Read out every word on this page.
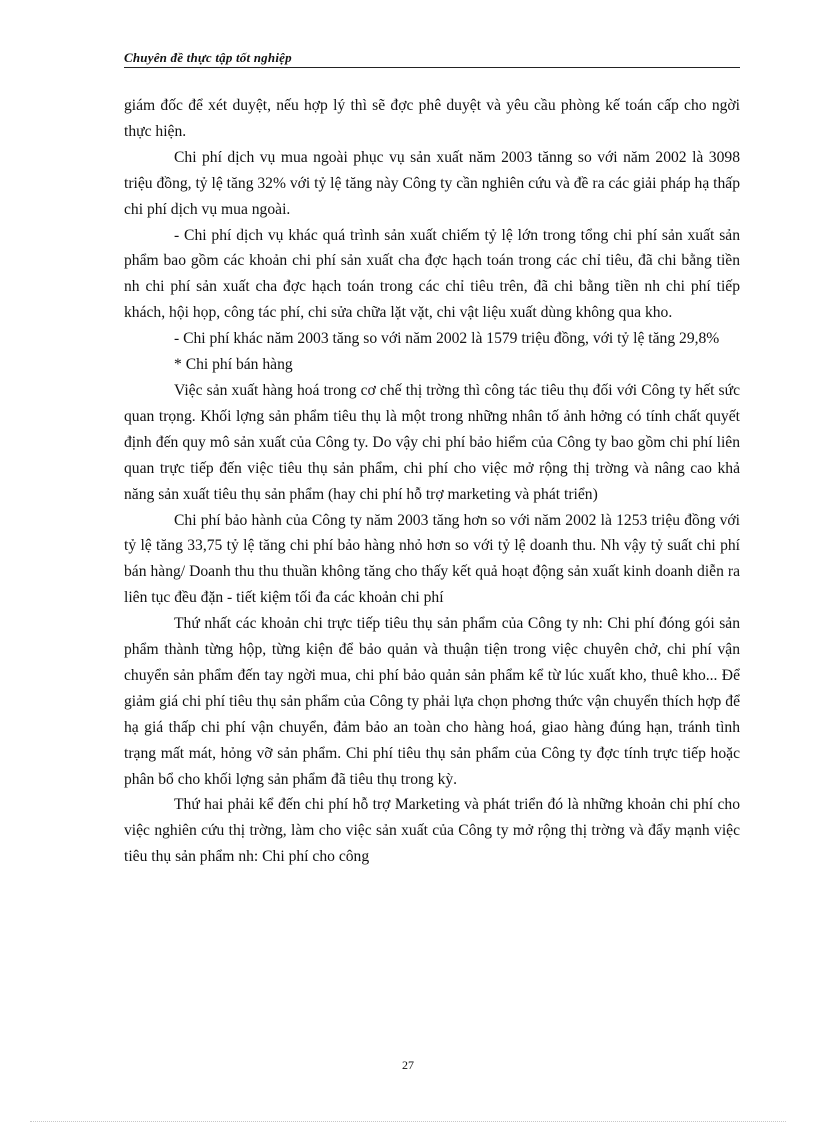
Chuyên đề thực tập tốt nghiệp

giám đốc để xét duyệt, nếu hợp lý thì sẽ đợc phê duyệt và yêu cầu phòng kế toán cấp cho ngời thực hiện.

Chi phí dịch vụ mua ngoài phục vụ sản xuất năm 2003 tănng so với năm 2002 là 3098 triệu đồng, tỷ lệ tăng 32% với tỷ lệ tăng này Công ty cần nghiên cứu và đề ra các giải pháp hạ thấp chi phí dịch vụ mua ngoài.

- Chi phí dịch vụ khác quá trình sản xuất chiếm tỷ lệ lớn trong tổng chi phí sản xuất sản phẩm bao gồm các khoản chi phí sản xuất cha đợc hạch toán trong các chỉ tiêu, đã chi bằng tiền nh chi phí sản xuất cha đợc hạch toán trong các chỉ tiêu trên, đã chi bằng tiền nh chi phí tiếp khách, hội họp, công tác phí, chi sửa chữa lặt vặt, chi vật liệu xuất dùng không qua kho.

- Chi phí khác năm 2003 tăng so với năm 2002 là 1579 triệu đồng, với tỷ lệ tăng 29,8%

* Chi phí bán hàng

Việc sản xuất hàng hoá trong cơ chế thị trờng thì công tác tiêu thụ đối với Công ty hết sức quan trọng. Khối lợng sản phẩm tiêu thụ là một trong những nhân tố ảnh hởng có tính chất quyết định đến quy mô sản xuất của Công ty. Do vậy chi phí bảo hiểm của Công ty bao gồm chi phí liên quan trực tiếp đến việc tiêu thụ sản phẩm, chi phí cho việc mở rộng thị trờng và nâng cao khả năng sản xuất tiêu thụ sản phẩm (hay chi phí hỗ trợ marketing và phát triển)

Chi phí bảo hành của Công ty năm 2003 tăng hơn so với năm 2002 là 1253 triệu đồng với tỷ lệ tăng 33,75 tỷ lệ tăng chi phí bảo hàng nhỏ hơn so với tỷ lệ doanh thu. Nh vậy tỷ suất chi phí bán hàng/ Doanh thu thu thuần không tăng cho thấy kết quả hoạt động sản xuất kinh doanh diễn ra liên tục đều đặn - tiết kiệm tối đa các khoản chi phí

Thứ nhất các khoản chi trực tiếp tiêu thụ sản phẩm của Công ty nh: Chi phí đóng gói sản phẩm thành từng hộp, từng kiện để bảo quản và thuận tiện trong việc chuyên chở, chi phí vận chuyển sản phẩm đến tay ngời mua, chi phí bảo quản sản phẩm kể từ lúc xuất kho, thuê kho... Để giảm giá chi phí tiêu thụ sản phẩm của Công ty phải lựa chọn phơng thức vận chuyển thích hợp để hạ giá thấp chi phí vận chuyển, đảm bảo an toàn cho hàng hoá, giao hàng đúng hạn, tránh tình trạng mất mát, hỏng vỡ sản phẩm. Chi phí tiêu thụ sản phẩm của Công ty đợc tính trực tiếp hoặc phân bổ cho khối lợng sản phẩm đã tiêu thụ trong kỳ.

Thứ hai phải kể đến chi phí hỗ trợ Marketing và phát triển đó là những khoản chi phí cho việc nghiên cứu thị trờng, làm cho việc sản xuất của Công ty mở rộng thị trờng và đẩy mạnh việc tiêu thụ sản phẩm nh: Chi phí cho công

27
